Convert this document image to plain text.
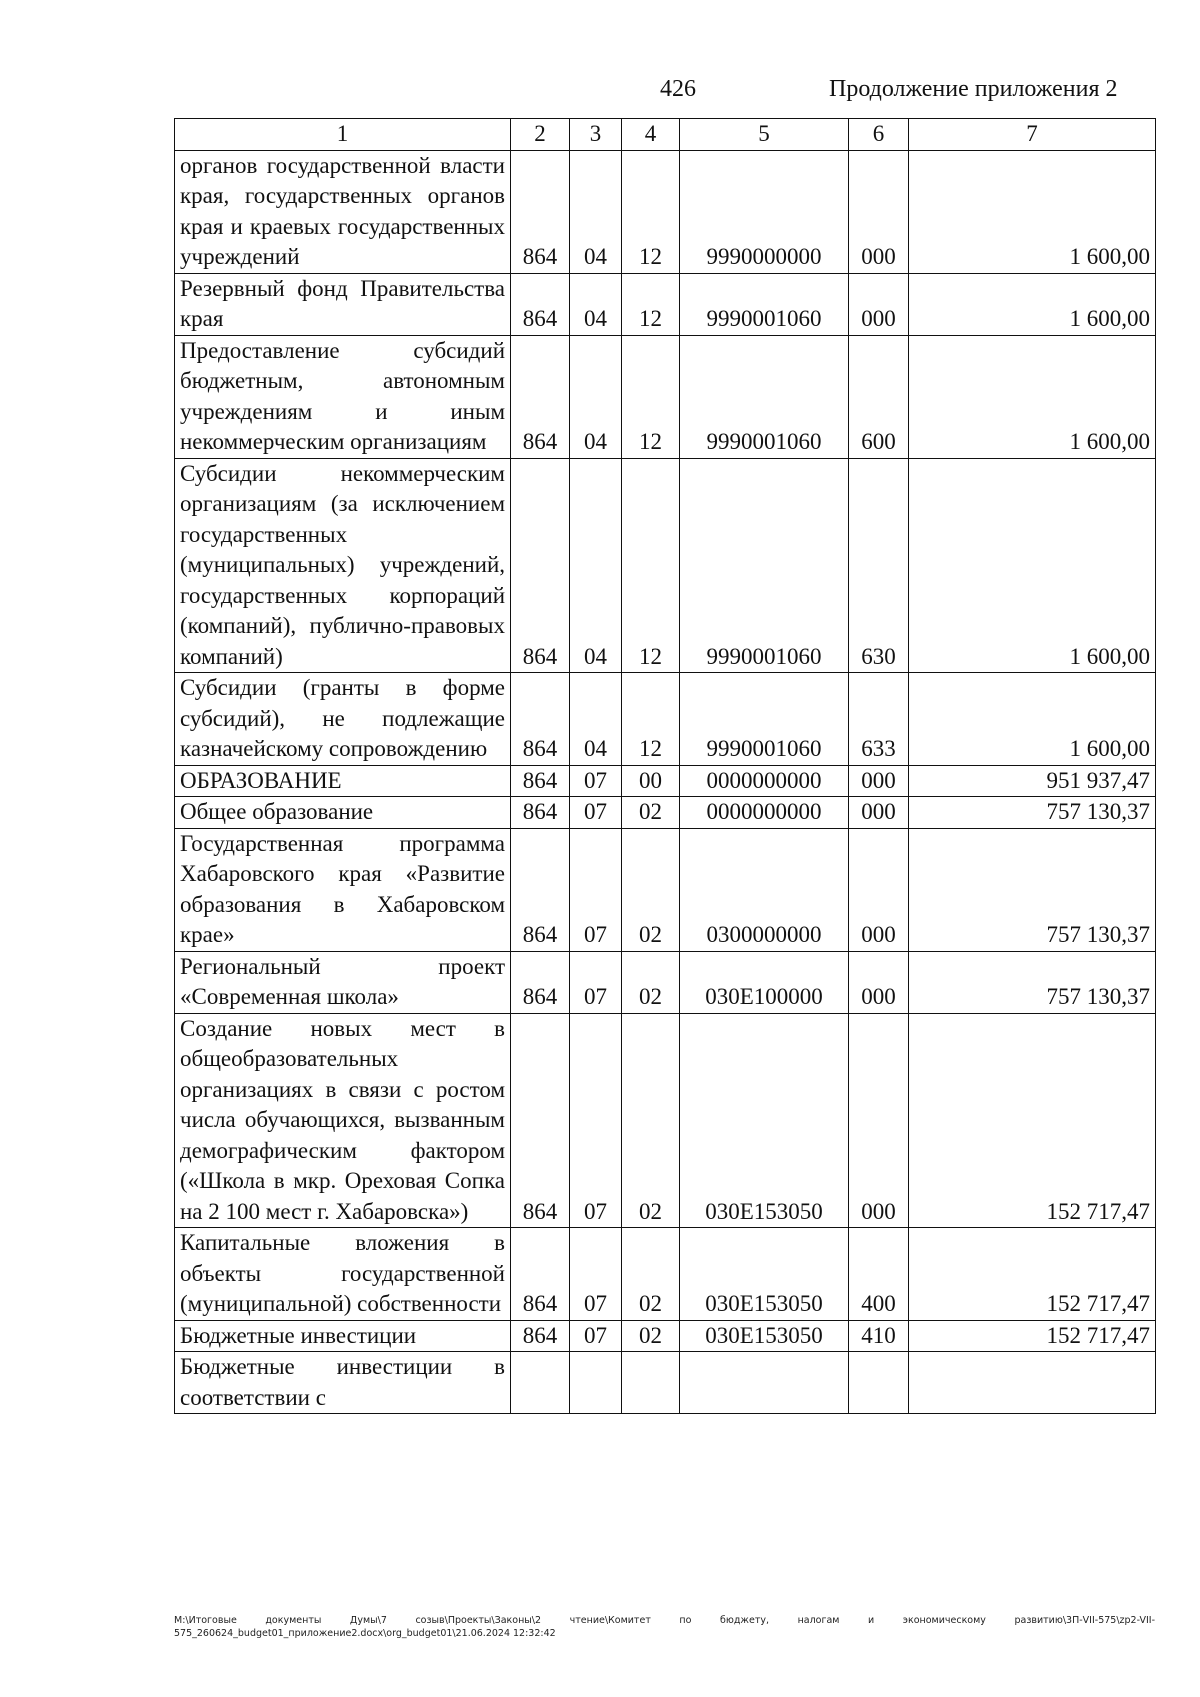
426	Продолжение приложения 2
1	2	3	4	5	6	7
органов государственной власти края, государственных органов края и краевых государственных учреждений	864	04	12	9990000000	000	1 600,00
Резервный фонд Правительства края	864	04	12	9990001060	000	1 600,00
Предоставление субсидий бюджетным, автономным учреждениям и иным некоммерческим организациям	864	04	12	9990001060	600	1 600,00
Субсидии некоммерческим организациям (за исключением государственных (муниципальных) учреждений, государственных корпораций (компаний), публично-правовых компаний)	864	04	12	9990001060	630	1 600,00
Субсидии (гранты в форме субсидий), не подлежащие казначейскому сопровождению	864	04	12	9990001060	633	1 600,00
ОБРАЗОВАНИЕ	864	07	00	0000000000	000	951 937,47
Общее образование	864	07	02	0000000000	000	757 130,37
Государственная программа Хабаровского края «Развитие образования в Хабаровском крае»	864	07	02	0300000000	000	757 130,37
Региональный проект «Современная школа»	864	07	02	030E100000	000	757 130,37
Создание новых мест в общеобразовательных организациях в связи с ростом числа обучающихся, вызванным демографическим фактором («Школа в мкр. Ореховая Сопка на 2 100 мест г. Хабаровска»)	864	07	02	030E153050	000	152 717,47
Капитальные вложения в объекты государственной (муниципальной) собственности	864	07	02	030E153050	400	152 717,47
Бюджетные инвестиции	864	07	02	030E153050	410	152 717,47
Бюджетные инвестиции в соответствии с						
M:\Итоговые документы Думы\7 созыв\Проекты\Законы\2 чтение\Комитет по бюджету, налогам и экономическому развитию\3П-VII-575\zp2-VII-575_260624_budget01_приложение2.docx\org_budget01\21.06.2024 12:32:42
